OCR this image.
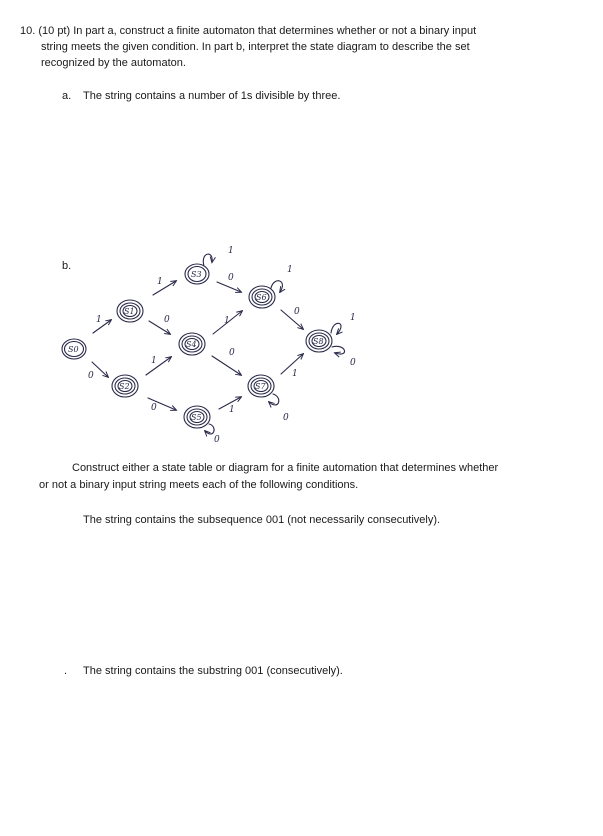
10. (10 pt) In part a, construct a finite automaton that determines whether or not a binary input
string meets the given condition. In part b, interpret the state diagram to describe the set
recognized by the automaton.
a. The string contains a number of 1s divisible by three.
b.
S0
S1
S2
S3
S4
S5
S6
S7
S8
1
0
1
0
1
0
1
0
1
0
1
0
1
0
1
0
1
0
Construct either a state table or diagram for a finite automation that determines whether
or not a binary input string meets each of the following conditions.
The string contains the subsequence 001 (not necessarily consecutively).
. The string contains the substring 001 (consecutively).
